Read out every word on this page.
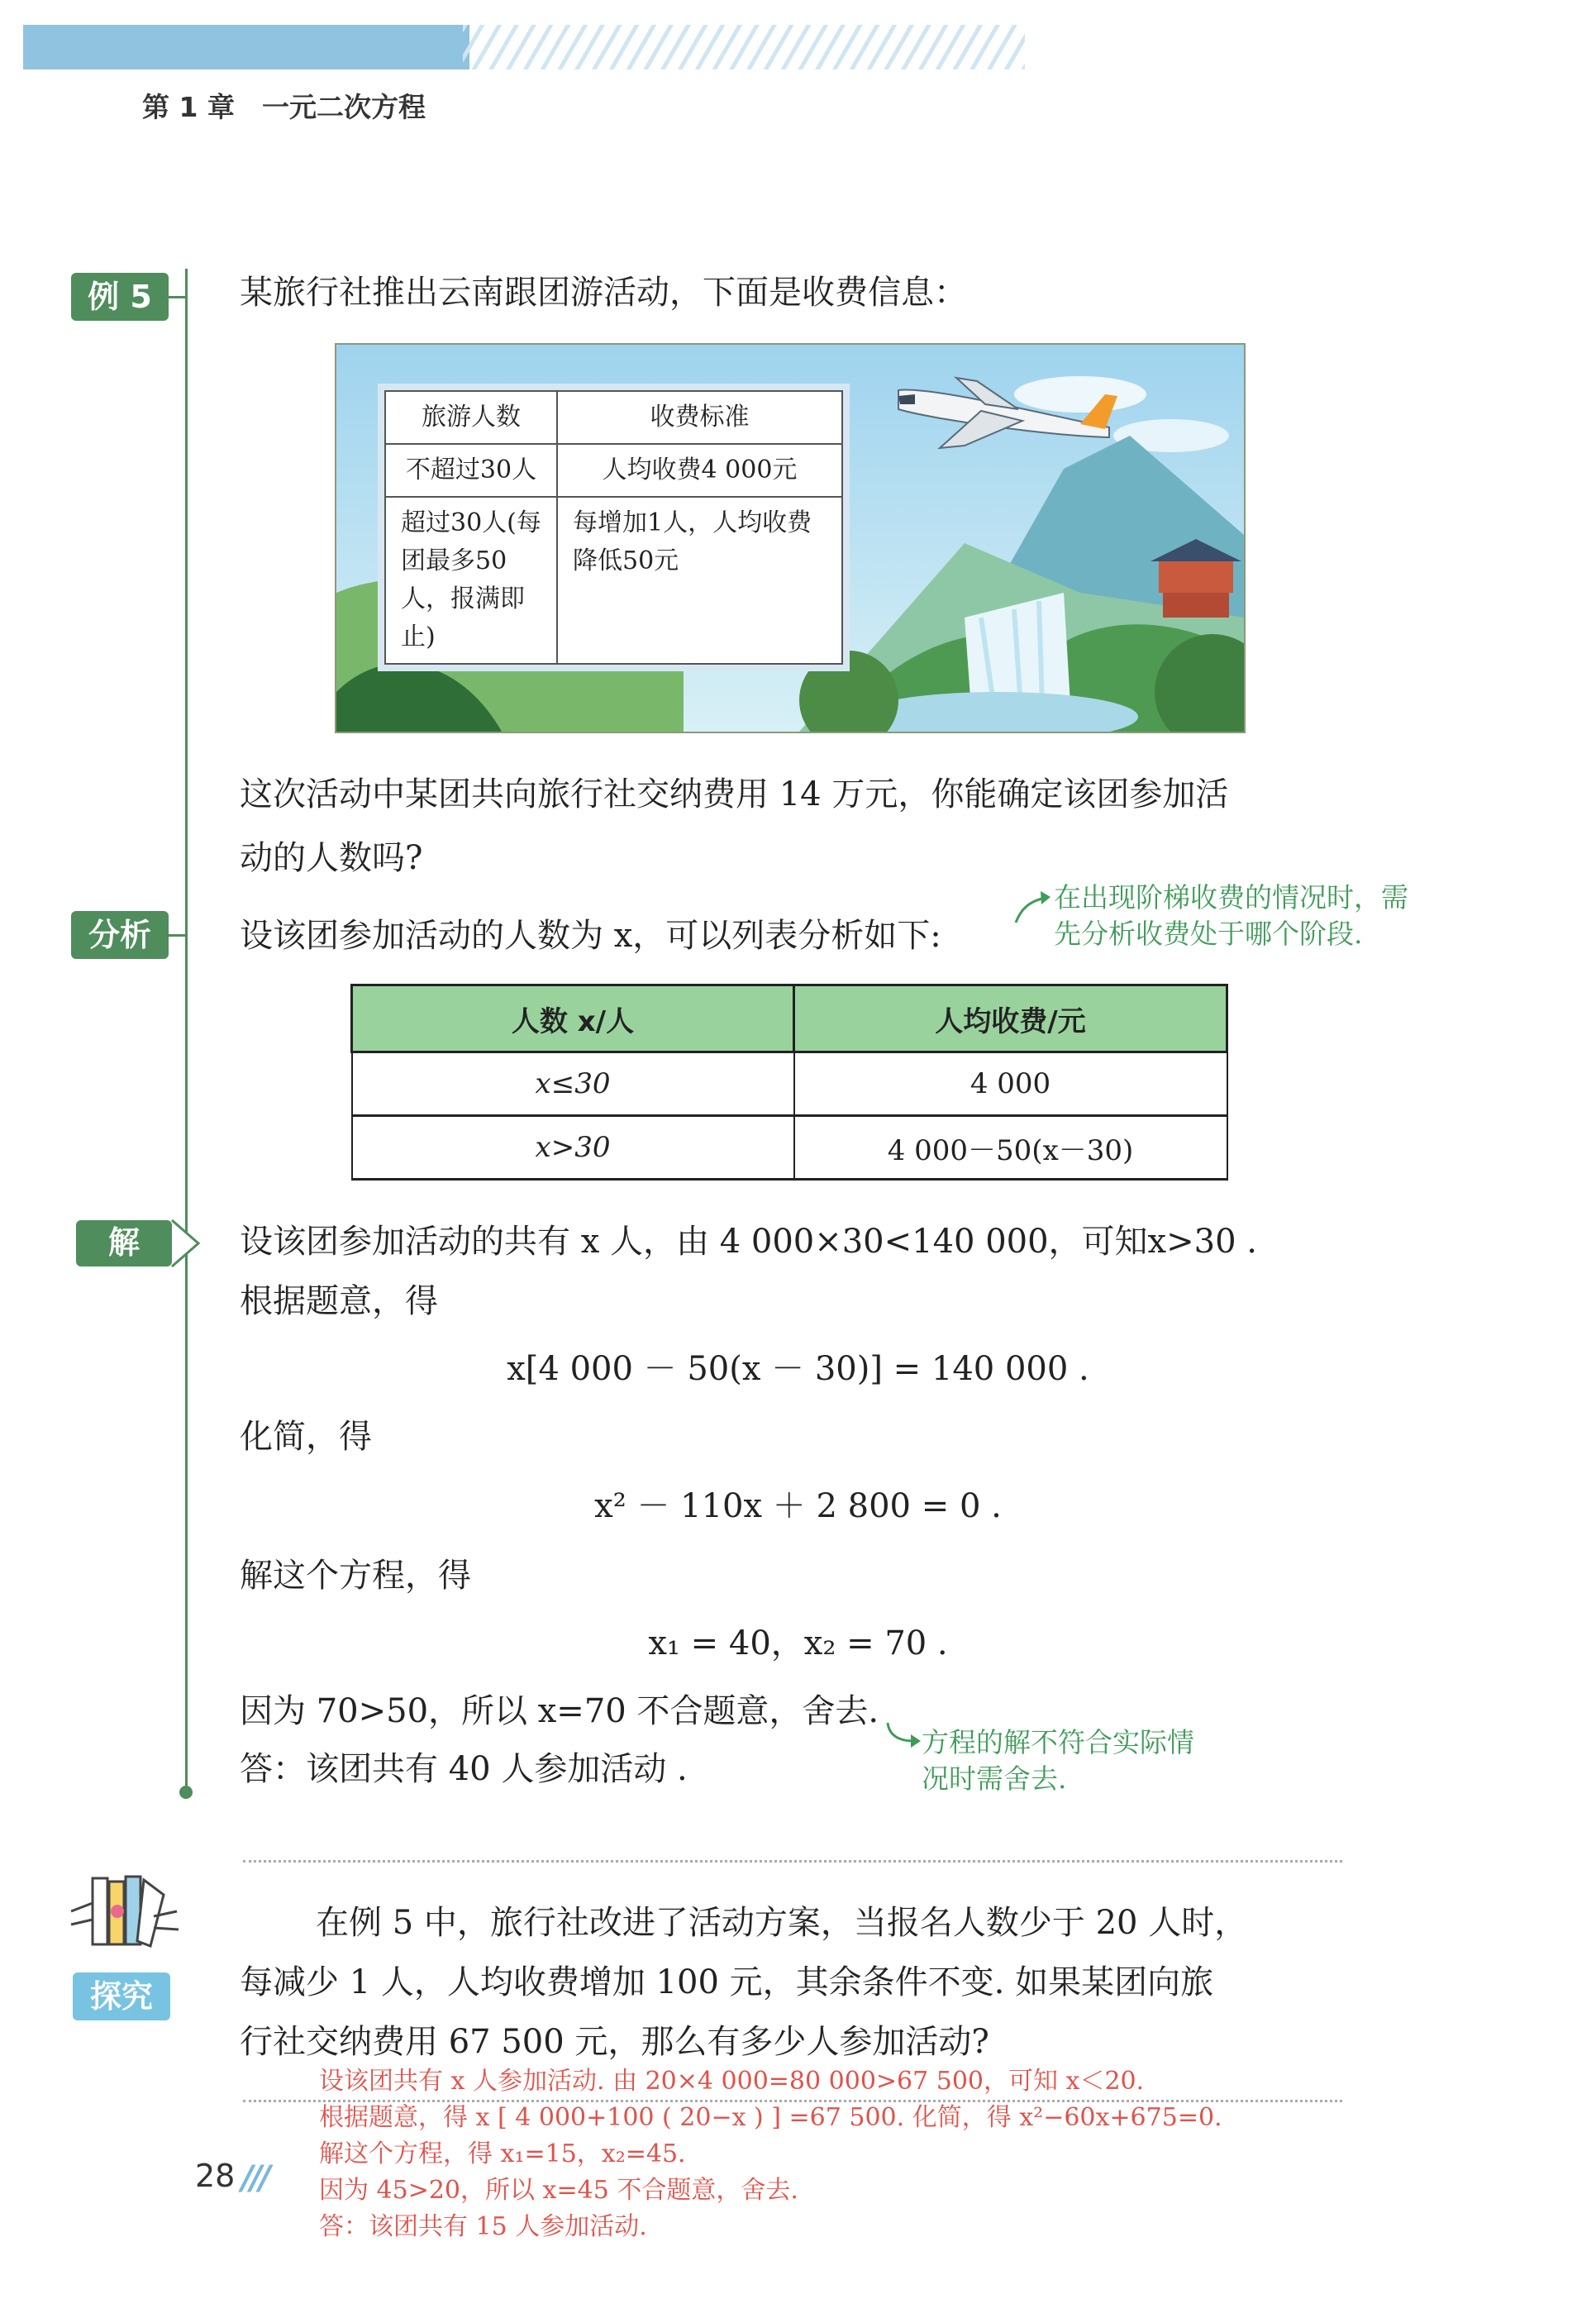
第 1 章　一元二次方程
例 5	某旅行社推出云南跟团游活动，下面是收费信息：
旅游人数	收费标准
不超过30人	人均收费4 000元
超过30人(每团最多50人，报满即止)	每增加1人，人均收费降低50元
这次活动中某团共向旅行社交纳费用 14 万元，你能确定该团参加活
动的人数吗?
分析	设该团参加活动的人数为 x，可以列表分析如下:
在出现阶梯收费的情况时，需
先分析收费处于哪个阶段.
人数 x/人	人均收费/元
x≤30	4 000
x>30	4 000－50(x－30)
解	设该团参加活动的共有 x 人，由 4 000×30<140 000，可知x>30 .
根据题意，得
x[4 000 － 50(x － 30)] = 140 000 .
化简，得
x² － 110x ＋ 2 800 = 0 .
解这个方程，得
x₁ = 40，x₂ = 70 .
因为 70>50，所以 x=70 不合题意，舍去.
答：该团共有 40 人参加活动 .
方程的解不符合实际情
况时需舍去.
探究
在例 5 中，旅行社改进了活动方案，当报名人数少于 20 人时，
每减少 1 人，人均收费增加 100 元，其余条件不变. 如果某团向旅
行社交纳费用 67 500 元，那么有多少人参加活动?
设该团共有 x 人参加活动. 由 20×4 000=80 000>67 500，可知 x＜20.
根据题意，得 x [ 4 000+100 ( 20−x ) ] =67 500. 化简，得 x²−60x+675=0.
解这个方程，得 x₁=15，x₂=45.
因为 45>20，所以 x=45 不合题意，舍去.
答：该团共有 15 人参加活动.
28 ///
